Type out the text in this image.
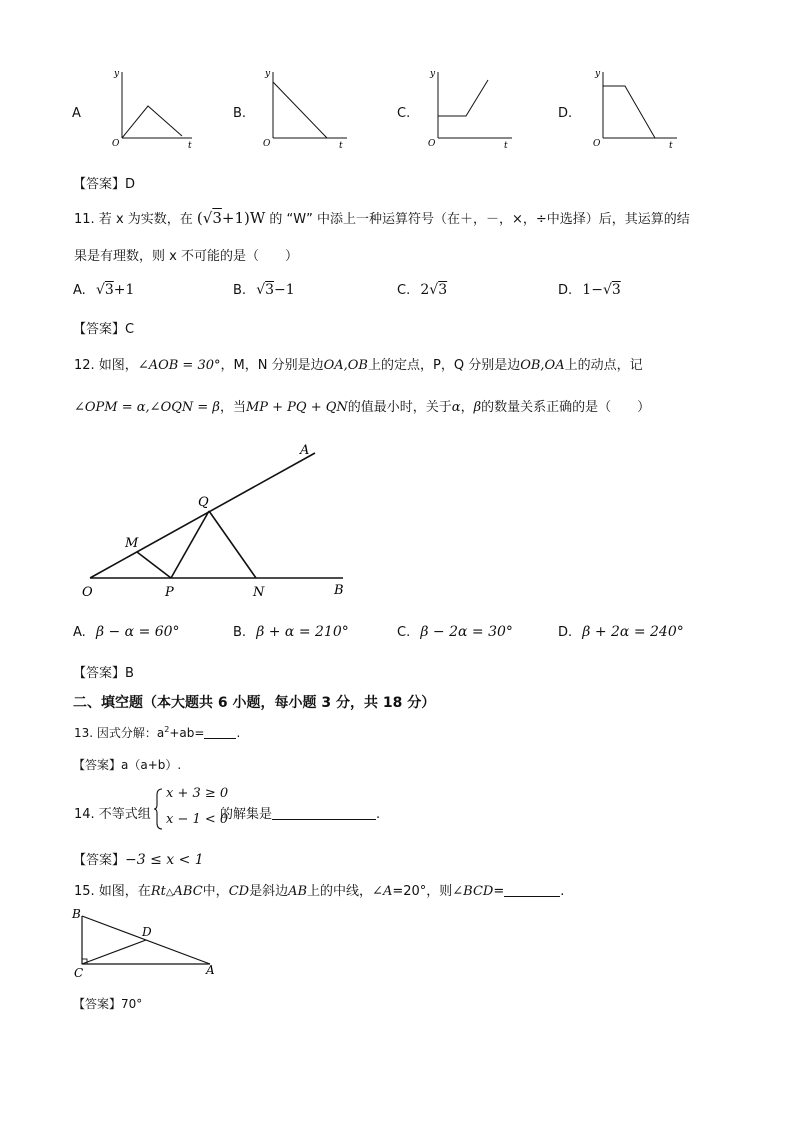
A
y
t
O
B.
y
t
O
C.
y
t
O
D.
y
t
O
【答案】D
11. 若 x 为实数，在 (√3+1)W 的 “W” 中添上一种运算符号（在＋，－，×，÷中选择）后，其运算的结
果是有理数，则 x 不可能的是（　　）
A. √3+1	B. √3−1	C. 2√3	D. 1−√3
【答案】C
12. 如图，∠AOB = 30°，M，N 分别是边OA,OB上的定点，P，Q 分别是边OB,OA上的动点，记
∠OPM = α,∠OQN = β，当MP + PQ + QN的值最小时，关于α，β的数量关系正确的是（　　）
A
Q
M
O	P	N	B
A. β − α = 60°	B. β + α = 210°	C. β − 2α = 30°	D. β + 2α = 240°
【答案】B
二、填空题（本大题共 6 小题，每小题 3 分，共 18 分）
13. 因式分解：$a^2+ab=$	.
【答案】a（a+b）.
14. 不等式组
x + 3 ≥ 0
x − 1 < 0
的解集是	.
【答案】−3 ≤ x < 1
15. 如图，在Rt△ABC中，CD是斜边AB上的中线，∠A=20°，则∠BCD=	.
B
D
C	A
【答案】70°
